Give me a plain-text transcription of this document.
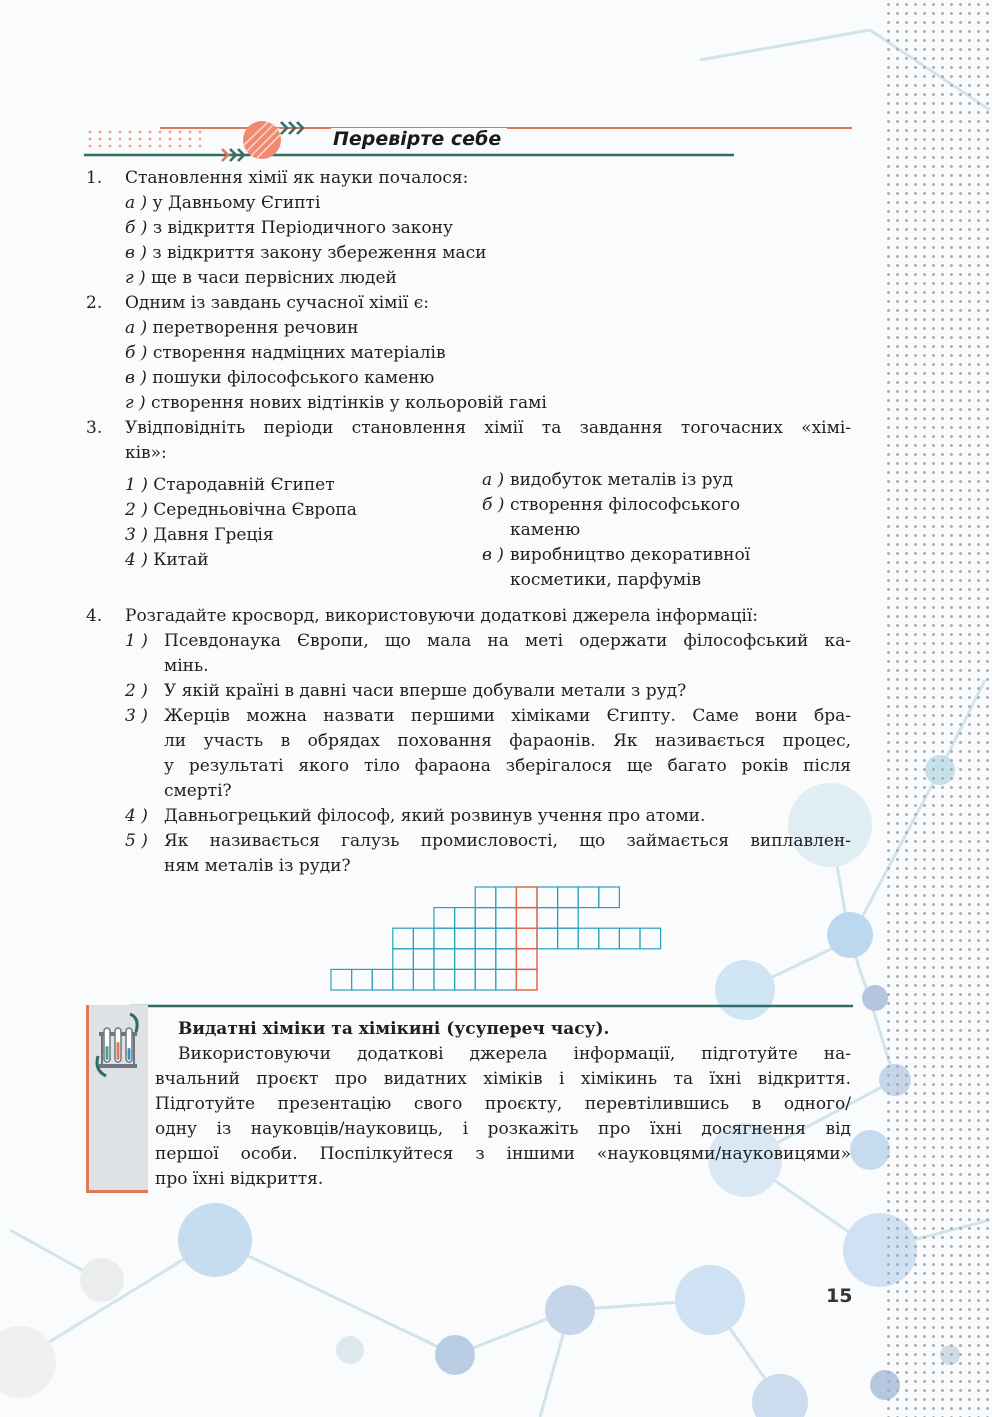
Перевірте себе
1. Становлення хімії як науки почалося:
а ) у Давньому Єгипті
б ) з відкриття Періодичного закону
в ) з відкриття закону збереження маси
г ) ще в часи первісних людей
2. Одним із завдань сучасної хімії є:
а ) перетворення речовин
б ) створення надміцних матеріалів
в ) пошуки філософського каменю
г ) створення нових відтінків у кольоровій гамі
3. Увідповідніть періоди становлення хімії та завдання тогочасних «хімі-
ків»:
1 ) Стародавній Єгипет
2 ) Середньовічна Європа
3 ) Давня Греція
4 ) Китай
а ) видобуток металів із руд
б ) створення філософського
каменю
в ) виробництво декоративної
косметики, парфумів
4. Розгадайте кросворд, використовуючи додаткові джерела інформації:
1 ) Псевдонаука Європи, що мала на меті одержати філософський ка-
мінь.
2 ) У якій країні в давні часи вперше добували метали з руд?
3 ) Жерців можна назвати першими хіміками Єгипту. Саме вони бра-
ли участь в обрядах поховання фараонів. Як називається процес,
у результаті якого тіло фараона зберігалося ще багато років після
смерті?
4 ) Давньогрецький філософ, який розвинув учення про атоми.
5 ) Як називається галузь промисловості, що займається виплавлен-
ням металів із руди?
Видатні хіміки та хімікині (усупереч часу).
Використовуючи додаткові джерела інформації, підготуйте на-
вчальний проєкт про видатних хіміків і хімікинь та їхні відкриття.
Підготуйте презентацію свого проєкту, перевтілившись в одного/
одну із науковців/науковиць, і розкажіть про їхні досягнення від
першої особи. Поспілкуйтеся з іншими «науковцями/науковицями»
про їхні відкриття.
15
